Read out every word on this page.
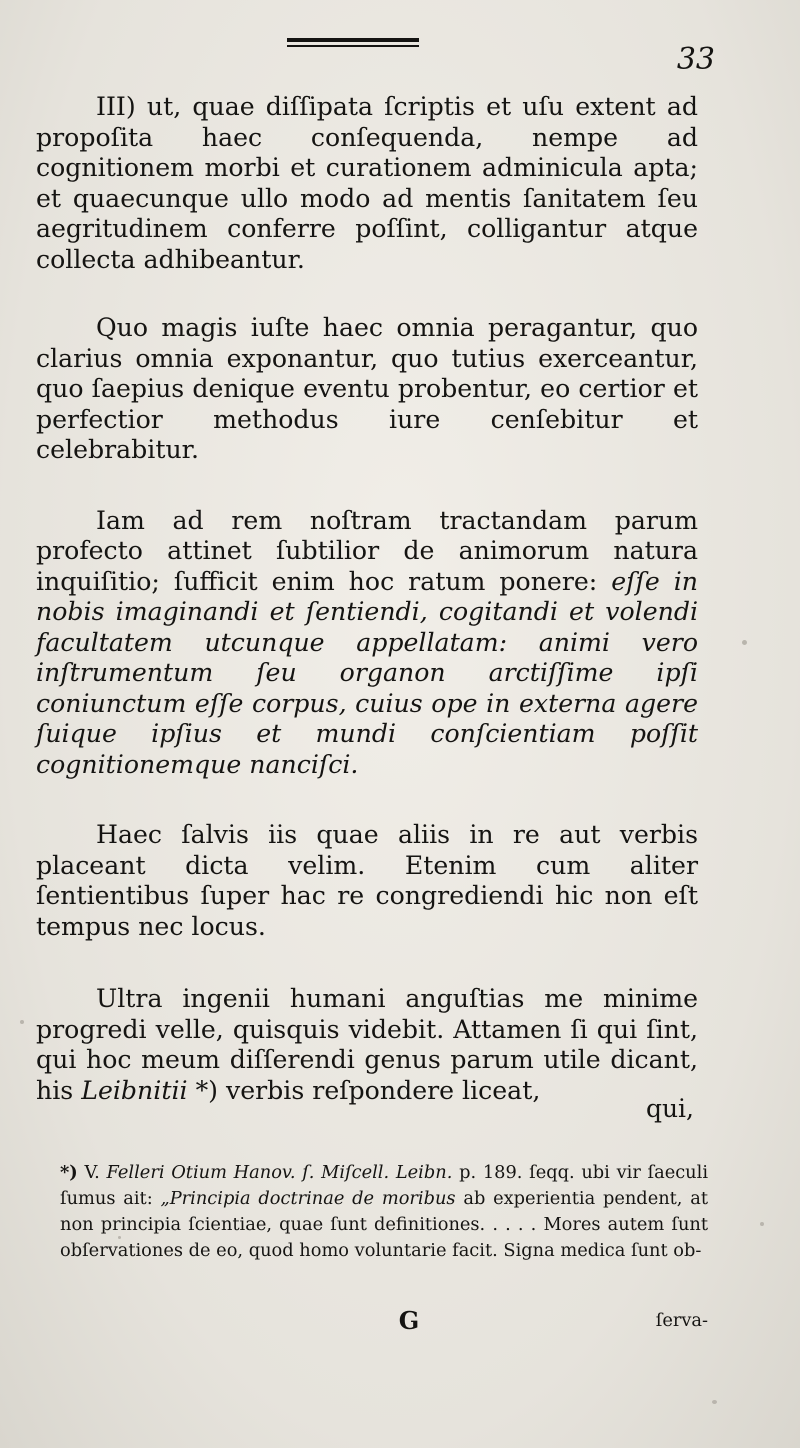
33

III) ut, quae diſſipata ſcriptis et uſu extent ad propoſita haec conſequenda, nempe ad cognitionem morbi et curationem adminicula apta; et quaecunque ullo modo ad mentis ſanitatem ſeu aegritudinem conferre poſſint, colligantur atque collecta adhibeantur.

Quo magis iuſte haec omnia peragantur, quo clarius omnia exponantur, quo tutius exerceantur, quo ſaepius denique eventu probentur, eo certior et perfectior methodus iure cenſebitur et celebrabitur.

Iam ad rem noſtram tractandam parum profecto attinet ſubtilior de animorum natura inquiſitio; ſufficit enim hoc ratum ponere: eſſe in nobis imaginandi et ſentiendi, cogitandi et volendi facultatem utcunque appellatam: animi vero inſtrumentum ſeu organon arctiſſime ipſi coniunctum eſſe corpus, cuius ope in externa agere ſuique ipſius et mundi conſcientiam poſſit cognitionemque nanciſci.

Haec ſalvis iis quae aliis in re aut verbis placeant dicta velim. Etenim cum aliter ſentientibus ſuper hac re congrediendi hic non eſt tempus nec locus.

Ultra ingenii humani anguſtias me minime progredi velle, quisquis videbit. Attamen ſi qui ſint, qui hoc meum diſſerendi genus parum utile dicant, his Leibnitii *) verbis reſpondere liceat,

qui,
*) V. Felleri Otium Hanov. ſ. Miſcell. Leibn. p. 189. ſeqq. ubi vir ſaeculi ſumus ait: „Principia doctrinae de moribus ab experientia pendent, at non principia ſcientiae, quae ſunt definitiones. . . . . Mores autem ſunt obſervationes de eo, quod homo voluntarie facit. Signa medica ſunt ob-
G	ſerva-
